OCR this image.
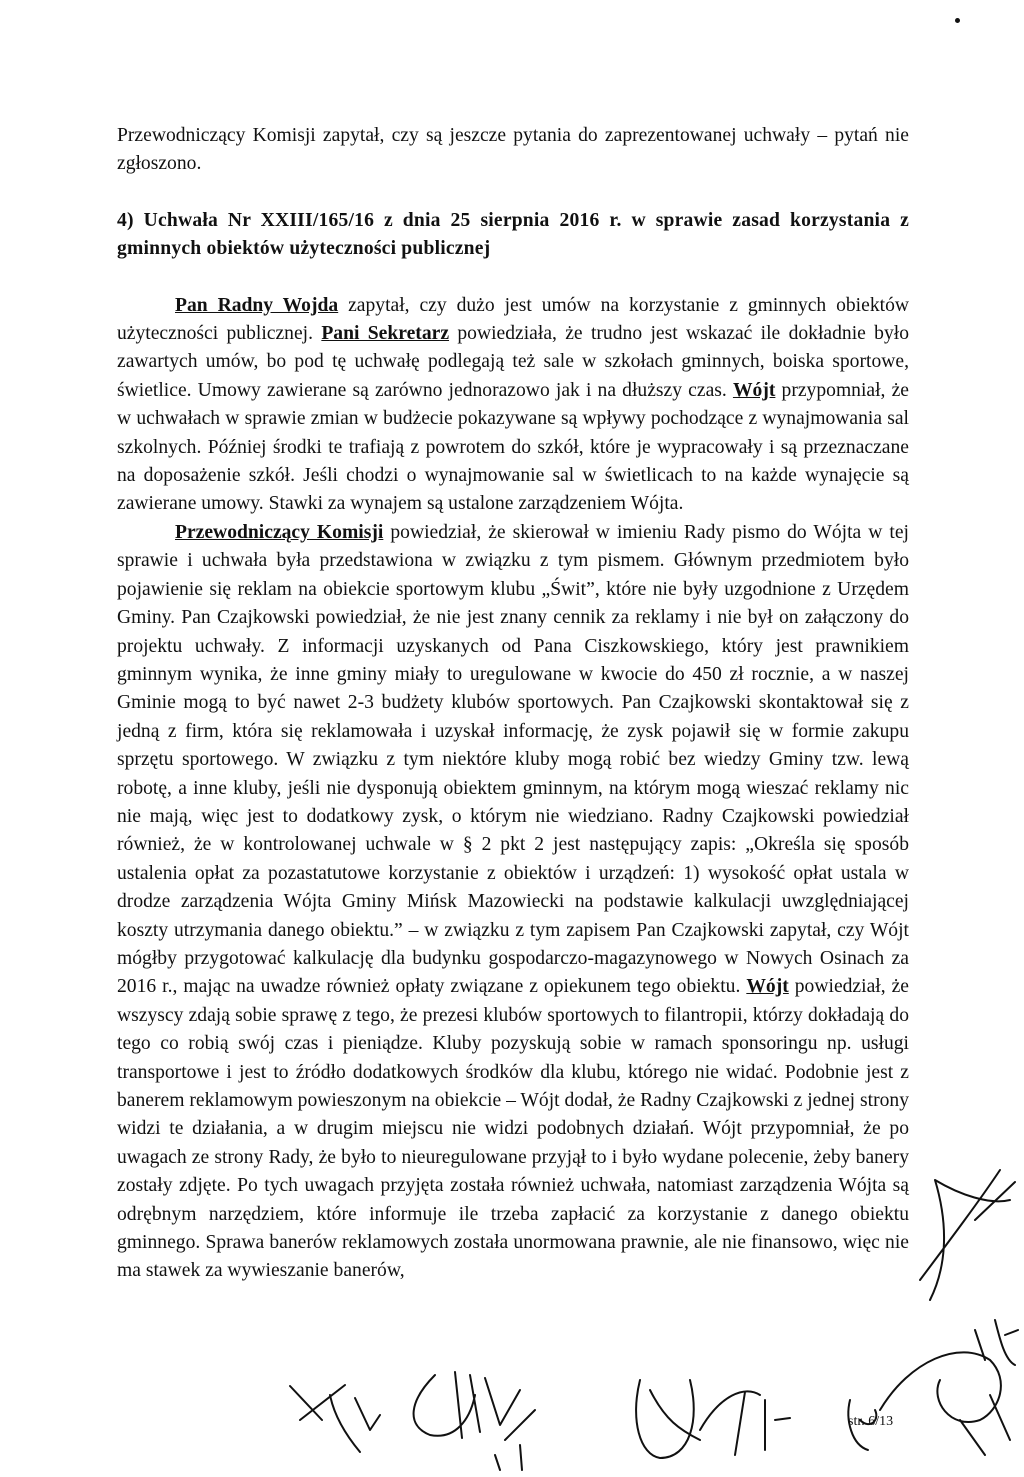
Przewodniczący Komisji zapytał, czy są jeszcze pytania do zaprezentowanej uchwały – pytań nie zgłoszono.

4) Uchwała Nr XXIII/165/16 z dnia 25 sierpnia 2016 r. w sprawie zasad korzystania z gminnych obiektów użyteczności publicznej

Pan Radny Wojda zapytał, czy dużo jest umów na korzystanie z gminnych obiektów użyteczności publicznej. Pani Sekretarz powiedziała, że trudno jest wskazać ile dokładnie było zawartych umów, bo pod tę uchwałę podlegają też sale w szkołach gminnych, boiska sportowe, świetlice. Umowy zawierane są zarówno jednorazowo jak i na dłuższy czas. Wójt przypomniał, że w uchwałach w sprawie zmian w budżecie pokazywane są wpływy pochodzące z wynajmowania sal szkolnych. Później środki te trafiają z powrotem do szkół, które je wypracowały i są przeznaczane na doposażenie szkół. Jeśli chodzi o wynajmowanie sal w świetlicach to na każde wynajęcie są zawierane umowy. Stawki za wynajem są ustalone zarządzeniem Wójta.

Przewodniczący Komisji powiedział, że skierował w imieniu Rady pismo do Wójta w tej sprawie i uchwała była przedstawiona w związku z tym pismem. Głównym przedmiotem było pojawienie się reklam na obiekcie sportowym klubu „Świt”, które nie były uzgodnione z Urzędem Gminy. Pan Czajkowski powiedział, że nie jest znany cennik za reklamy i nie był on załączony do projektu uchwały. Z informacji uzyskanych od Pana Ciszkowskiego, który jest prawnikiem gminnym wynika, że inne gminy miały to uregulowane w kwocie do 450 zł rocznie, a w naszej Gminie mogą to być nawet 2-3 budżety klubów sportowych. Pan Czajkowski skontaktował się z jedną z firm, która się reklamowała i uzyskał informację, że zysk pojawił się w formie zakupu sprzętu sportowego. W związku z tym niektóre kluby mogą robić bez wiedzy Gminy tzw. lewą robotę, a inne kluby, jeśli nie dysponują obiektem gminnym, na którym mogą wieszać reklamy nic nie mają, więc jest to dodatkowy zysk, o którym nie wiedziano. Radny Czajkowski powiedział również, że w kontrolowanej uchwale w § 2 pkt 2 jest następujący zapis: „Określa się sposób ustalenia opłat za pozastatutowe korzystanie z obiektów i urządzeń: 1) wysokość opłat ustala w drodze zarządzenia Wójta Gminy Mińsk Mazowiecki na podstawie kalkulacji uwzględniającej koszty utrzymania danego obiektu.” – w związku z tym zapisem Pan Czajkowski zapytał, czy Wójt mógłby przygotować kalkulację dla budynku gospodarczo-magazynowego w Nowych Osinach za 2016 r., mając na uwadze również opłaty związane z opiekunem tego obiektu. Wójt powiedział, że wszyscy zdają sobie sprawę z tego, że prezesi klubów sportowych to filantropii, którzy dokładają do tego co robią swój czas i pieniądze. Kluby pozyskują sobie w ramach sponsoringu np. usługi transportowe i jest to źródło dodatkowych środków dla klubu, którego nie widać. Podobnie jest z banerem reklamowym powieszonym na obiekcie – Wójt dodał, że Radny Czajkowski z jednej strony widzi te działania, a w drugim miejscu nie widzi podobnych działań. Wójt przypomniał, że po uwagach ze strony Rady, że było to nieuregulowane przyjął to i było wydane polecenie, żeby banery zostały zdjęte. Po tych uwagach przyjęta została również uchwała, natomiast zarządzenia Wójta są odrębnym narzędziem, które informuje ile trzeba zapłacić za korzystanie z danego obiektu gminnego. Sprawa banerów reklamowych została unormowana prawnie, ale nie finansowo, więc nie ma stawek za wywieszanie banerów,

str. 6/13
